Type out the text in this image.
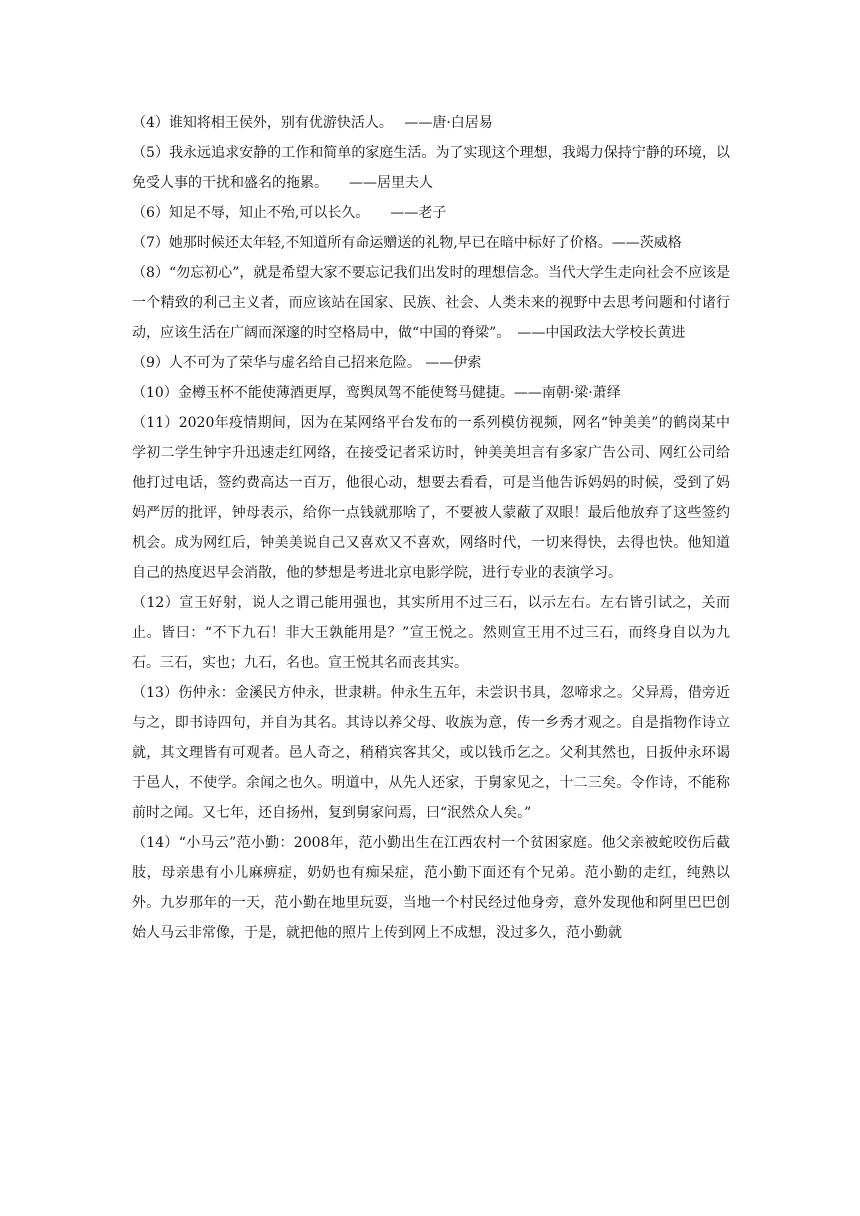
（4）谁知将相王侯外，别有优游快活人。　 ——唐·白居易

（5）我永远追求安静的工作和简单的家庭生活。为了实现这个理想，我竭力保持宁静的环境，以免受人事的干扰和盛名的拖累。　　——居里夫人

（6）知足不辱，知止不殆,可以长久。　　——老子

（7）她那时候还太年轻,不知道所有命运赠送的礼物,早已在暗中标好了价格。——茨威格

（8）“勿忘初心”，就是希望大家不要忘记我们出发时的理想信念。当代大学生走向社会不应该是一个精致的利己主义者，而应该站在国家、民族、社会、人类未来的视野中去思考问题和付诸行动，应该生活在广阔而深邃的时空格局中，做“中国的脊梁”。　——中国政法大学校长黄进

（9）人不可为了荣华与虚名给自己招来危险。 ——伊索

（10）金樽玉杯不能使薄酒更厚，鸾舆凤驾不能使驽马健捷。——南朝·梁·萧绎

（11）2020年疫情期间，因为在某网络平台发布的一系列模仿视频，网名“钟美美”的鹤岗某中学初二学生钟宇升迅速走红网络，在接受记者采访时，钟美美坦言有多家广告公司、网红公司给他打过电话，签约费高达一百万，他很心动，想要去看看，可是当他告诉妈妈的时候，受到了妈妈严厉的批评，钟母表示，给你一点钱就那啥了，不要被人蒙蔽了双眼！最后他放弃了这些签约机会。成为网红后，钟美美说自己又喜欢又不喜欢，网络时代，一切来得快，去得也快。他知道自己的热度迟早会消散，他的梦想是考进北京电影学院，进行专业的表演学习。

（12）宣王好射，说人之谓己能用强也，其实所用不过三石，以示左右。左右皆引试之，关而止。皆曰：“不下九石！非大王孰能用是？”宣王悦之。然则宣王用不过三石，而终身自以为九石。三石，实也；九石，名也。宣王悦其名而丧其实。

（13）伤仲永：金溪民方仲永，世隶耕。仲永生五年，未尝识书具，忽啼求之。父异焉，借旁近与之，即书诗四句，并自为其名。其诗以养父母、收族为意，传一乡秀才观之。自是指物作诗立就，其文理皆有可观者。邑人奇之，稍稍宾客其父，或以钱币乞之。父利其然也，日扳仲永环谒于邑人，不使学。余闻之也久。明道中，从先人还家，于舅家见之，十二三矣。令作诗，不能称前时之闻。又七年，还自扬州，复到舅家问焉，曰“泯然众人矣。”

（14）“小马云”范小勤：2008年，范小勤出生在江西农村一个贫困家庭。他父亲被蛇咬伤后截肢，母亲患有小儿麻痹症，奶奶也有痴呆症，范小勤下面还有个兄弟。范小勤的走红，纯熟以外。九岁那年的一天，范小勤在地里玩耍，当地一个村民经过他身旁，意外发现他和阿里巴巴创始人马云非常像，于是，就把他的照片上传到网上不成想，没过多久，范小勤就
